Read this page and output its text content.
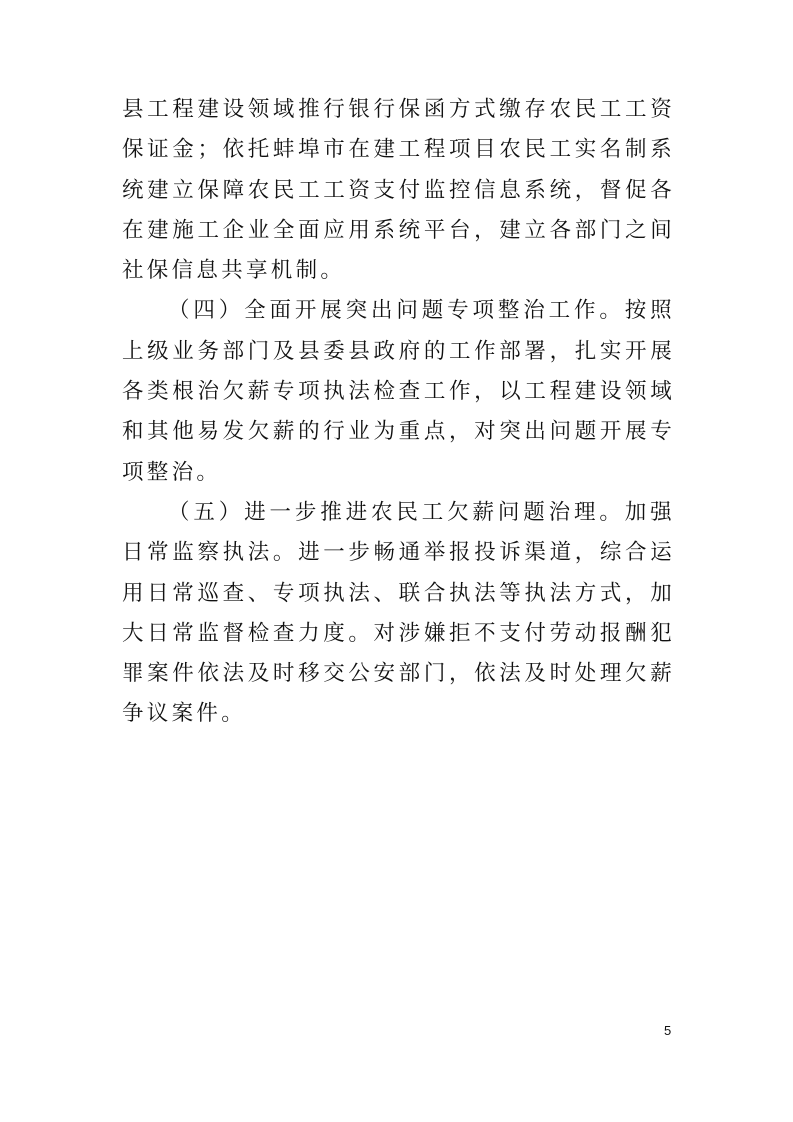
县工程建设领域推行银行保函方式缴存农民工工资保证金；依托蚌埠市在建工程项目农民工实名制系统建立保障农民工工资支付监控信息系统，督促各在建施工企业全面应用系统平台，建立各部门之间社保信息共享机制。

（四）全面开展突出问题专项整治工作。按照上级业务部门及县委县政府的工作部署，扎实开展各类根治欠薪专项执法检查工作，以工程建设领域和其他易发欠薪的行业为重点，对突出问题开展专项整治。

（五）进一步推进农民工欠薪问题治理。加强日常监察执法。进一步畅通举报投诉渠道，综合运用日常巡查、专项执法、联合执法等执法方式，加大日常监督检查力度。对涉嫌拒不支付劳动报酬犯罪案件依法及时移交公安部门，依法及时处理欠薪争议案件。

5
